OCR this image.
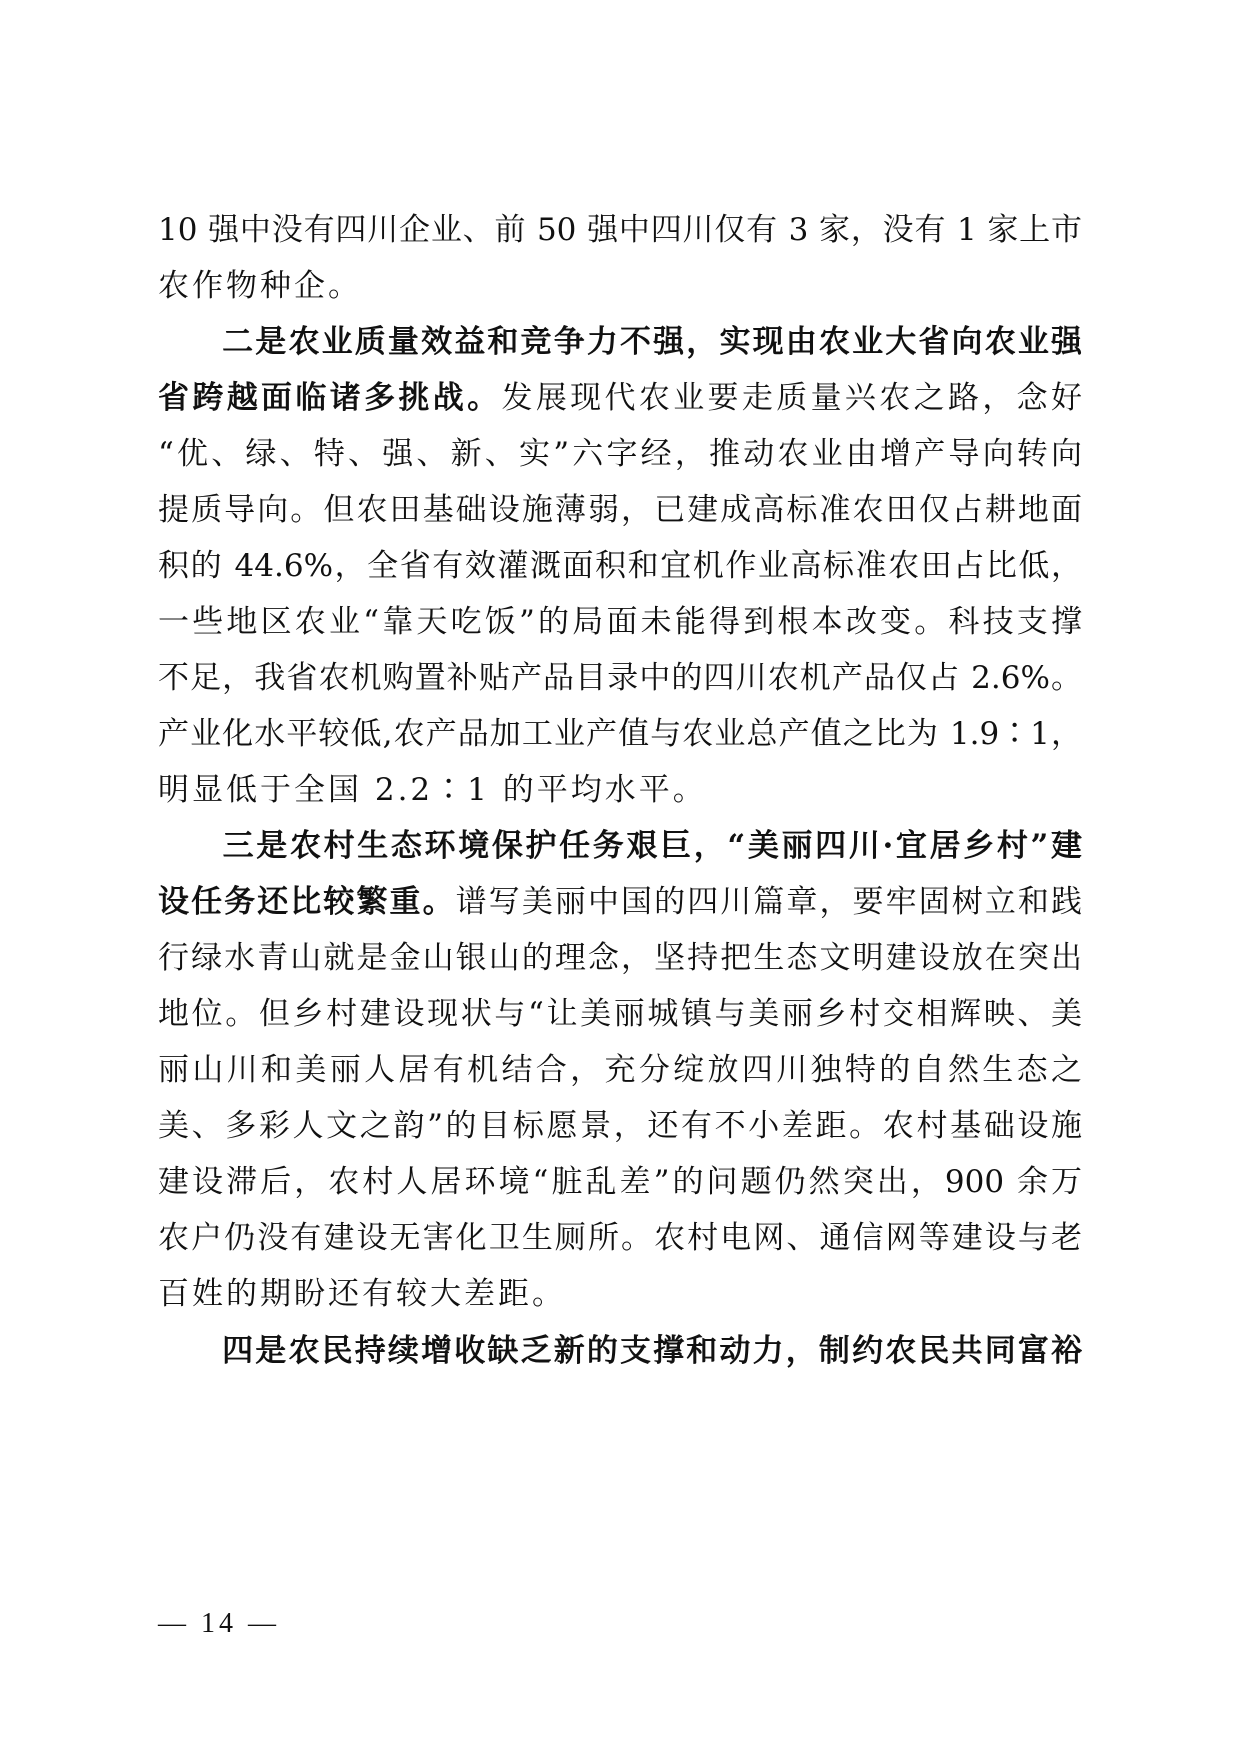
10 强中没有四川企业、前 50 强中四川仅有 3 家，没有 1 家上市
农作物种企。
二是农业质量效益和竞争力不强，实现由农业大省向农业强
省跨越面临诸多挑战。发展现代农业要走质量兴农之路，念好
“优、绿、特、强、新、实”六字经，推动农业由增产导向转向
提质导向。但农田基础设施薄弱，已建成高标准农田仅占耕地面
积的 44.6%，全省有效灌溉面积和宜机作业高标准农田占比低，
一些地区农业“靠天吃饭”的局面未能得到根本改变。科技支撑
不足，我省农机购置补贴产品目录中的四川农机产品仅占 2.6%。
产业化水平较低,农产品加工业产值与农业总产值之比为 1.9∶1，
明显低于全国 2.2∶1 的平均水平。
三是农村生态环境保护任务艰巨，“美丽四川·宜居乡村”建
设任务还比较繁重。谱写美丽中国的四川篇章，要牢固树立和践
行绿水青山就是金山银山的理念，坚持把生态文明建设放在突出
地位。但乡村建设现状与“让美丽城镇与美丽乡村交相辉映、美
丽山川和美丽人居有机结合，充分绽放四川独特的自然生态之
美、多彩人文之韵”的目标愿景，还有不小差距。农村基础设施
建设滞后，农村人居环境“脏乱差”的问题仍然突出，900 余万
农户仍没有建设无害化卫生厕所。农村电网、通信网等建设与老
百姓的期盼还有较大差距。
四是农民持续增收缺乏新的支撑和动力，制约农民共同富裕
— 14 —
